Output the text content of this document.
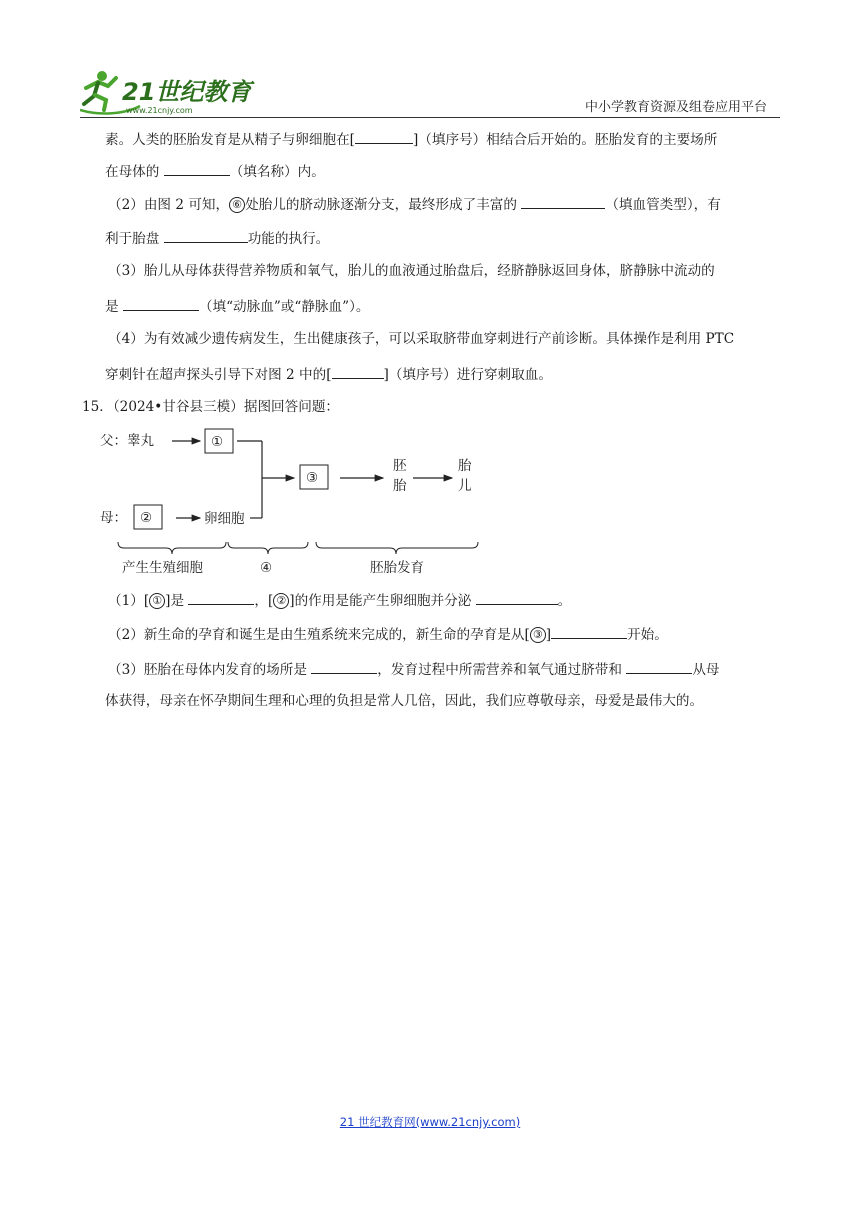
21世纪教育
www.21cnjy.com	中小学教育资源及组卷应用平台
素。人类的胚胎发育是从精子与卵细胞在[	]（填序号）相结合后开始的。胚胎发育的主要场所
在母体的	（填名称）内。
（2）由图 2 可知， ⑥ 处胎儿的脐动脉逐渐分支，最终形成了丰富的	（填血管类型），有
利于胎盘	功能的执行。
（3）胎儿从母体获得营养物质和氧气，胎儿的血液通过胎盘后，经脐静脉返回身体，脐静脉中流动的
是	（填“动脉血”或“静脉血”）。
（4）为有效减少遗传病发生，生出健康孩子，可以采取脐带血穿刺进行产前诊断。具体操作是利用 PTC
穿刺针在超声探头引导下对图 2 中的[	]（填序号）进行穿刺取血。
15．（2024•甘谷县三模）据图回答问题：
父：睾丸	①
母： ②	卵细胞
③
胚
胎
胎
儿
产生生殖细胞	④	胚胎发育
（1）[ ① ]是	，[ ② ]的作用是能产生卵细胞并分泌	。
（2）新生命的孕育和诞生是由生殖系统来完成的，新生命的孕育是从[ ③ ]	开始。
（3）胚胎在母体内发育的场所是	，发育过程中所需营养和氧气通过脐带和	从母
体获得，母亲在怀孕期间生理和心理的负担是常人几倍，因此，我们应尊敬母亲，母爱是最伟大的。
21 世纪教育网(www.21cnjy.com)
